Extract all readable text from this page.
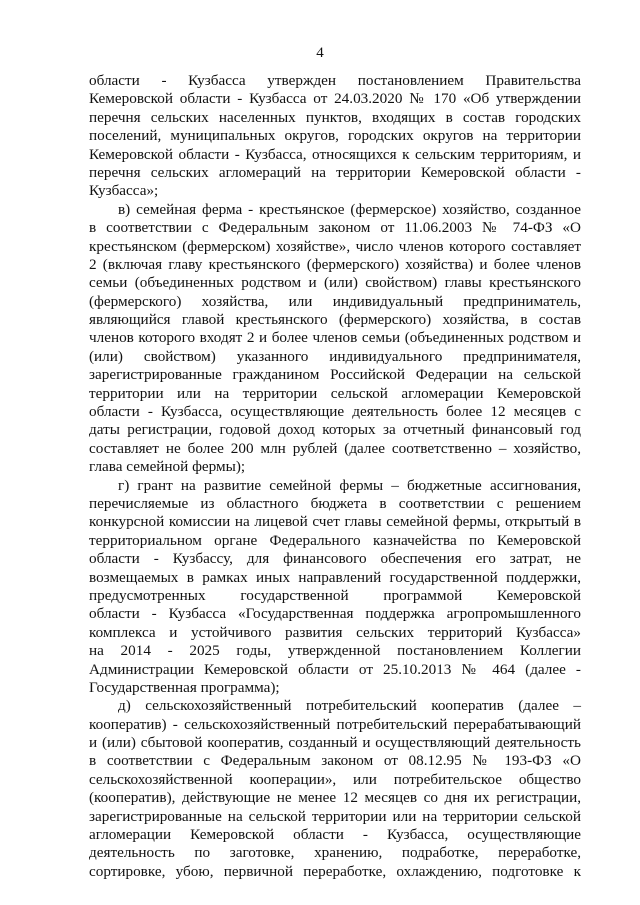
4
области - Кузбасса утвержден постановлением Правительства
Кемеровской области - Кузбасса от 24.03.2020 № 170 «Об утверждении
перечня сельских населенных пунктов, входящих в состав городских
поселений, муниципальных округов, городских округов на территории
Кемеровской области - Кузбасса, относящихся к сельским территориям, и
перечня сельских агломераций на территории Кемеровской области -
Кузбасса»;
в) семейная ферма - крестьянское (фермерское) хозяйство, созданное
в соответствии с Федеральным законом от 11.06.2003 № 74-ФЗ «О
крестьянском (фермерском) хозяйстве», число членов которого составляет
2 (включая главу крестьянского (фермерского) хозяйства) и более членов
семьи (объединенных родством и (или) свойством) главы крестьянского
(фермерского) хозяйства, или индивидуальный предприниматель,
являющийся главой крестьянского (фермерского) хозяйства, в состав
членов которого входят 2 и более членов семьи (объединенных родством и
(или) свойством) указанного индивидуального предпринимателя,
зарегистрированные гражданином Российской Федерации на сельской
территории или на территории сельской агломерации Кемеровской
области - Кузбасса, осуществляющие деятельность более 12 месяцев с
даты регистрации, годовой доход которых за отчетный финансовый год
составляет не более 200 млн рублей (далее соответственно – хозяйство,
глава семейной фермы);
г) грант на развитие семейной фермы – бюджетные ассигнования,
перечисляемые из областного бюджета в соответствии с решением
конкурсной комиссии на лицевой счет главы семейной фермы, открытый в
территориальном органе Федерального казначейства по Кемеровской
области - Кузбассу, для финансового обеспечения его затрат, не
возмещаемых в рамках иных направлений государственной поддержки,
предусмотренных государственной программой Кемеровской
области - Кузбасса «Государственная поддержка агропромышленного
комплекса и устойчивого развития сельских территорий Кузбасса»
на 2014 - 2025 годы, утвержденной постановлением Коллегии
Администрации Кемеровской области от 25.10.2013 № 464 (далее -
Государственная программа);
д) сельскохозяйственный потребительский кооператив (далее –
кооператив) - сельскохозяйственный потребительский перерабатывающий
и (или) сбытовой кооператив, созданный и осуществляющий деятельность
в соответствии с Федеральным законом от 08.12.95 № 193-ФЗ «О
сельскохозяйственной кооперации», или потребительское общество
(кооператив), действующие не менее 12 месяцев со дня их регистрации,
зарегистрированные на сельской территории или на территории сельской
агломерации Кемеровской области - Кузбасса, осуществляющие
деятельность по заготовке, хранению, подработке, переработке,
сортировке, убою, первичной переработке, охлаждению, подготовке к
